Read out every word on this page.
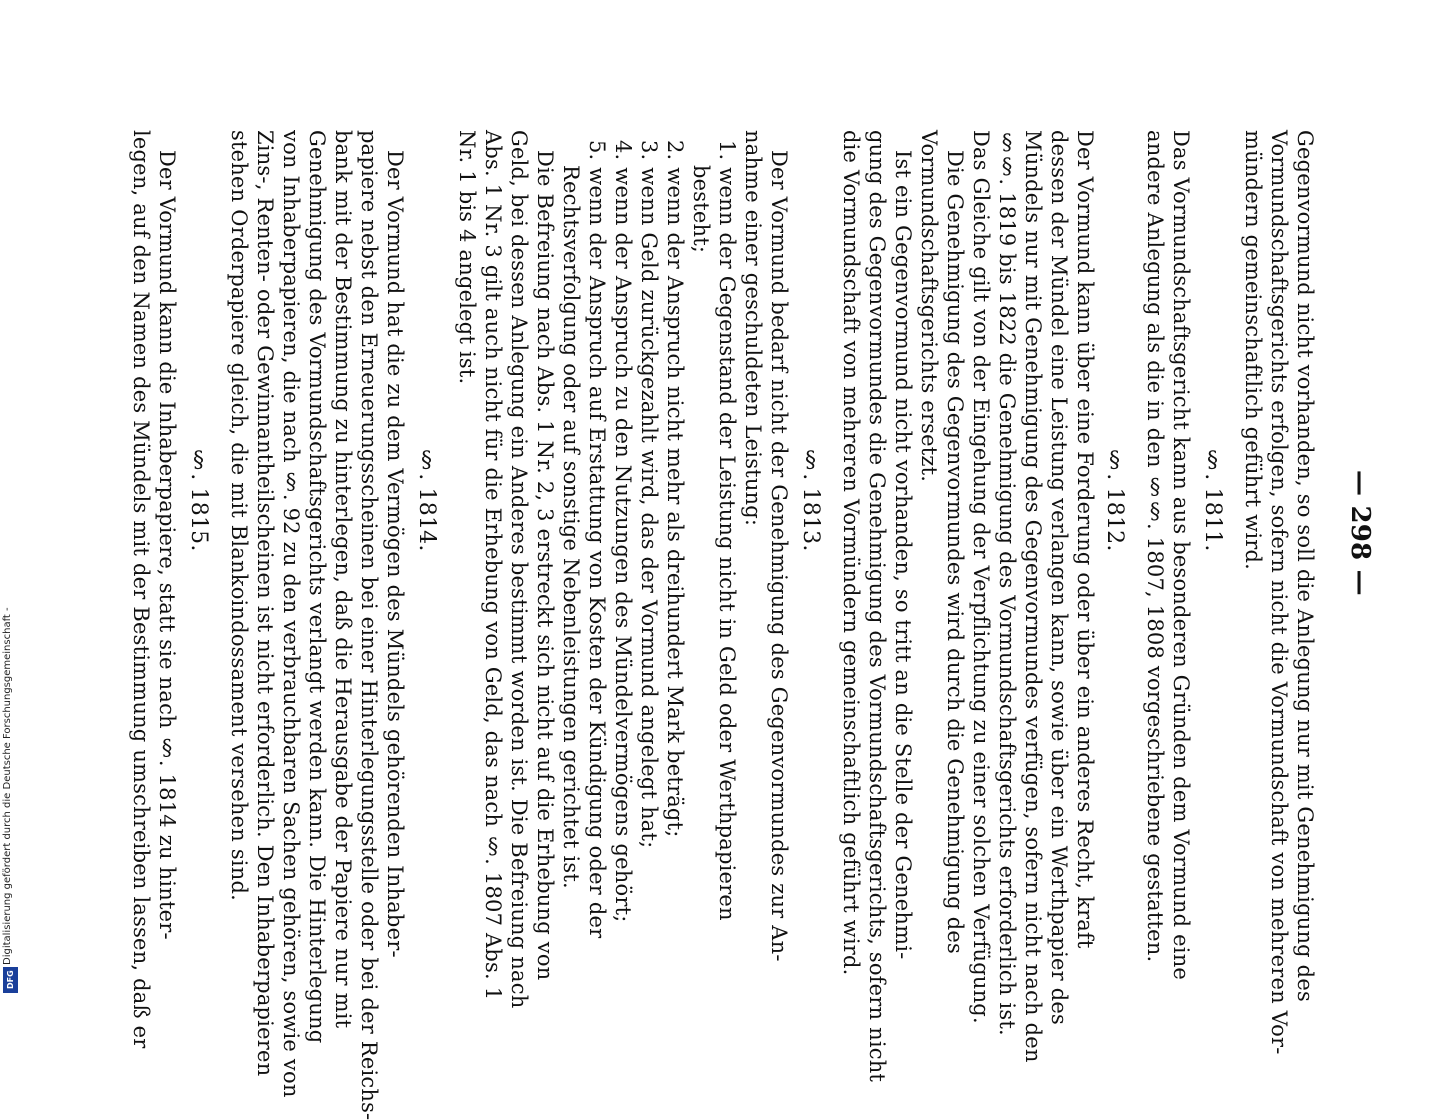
— 298 —
Gegenvormund nicht vorhanden, so soll die Anlegung nur mit Genehmigung des
Vormundschaftsgerichts erfolgen, sofern nicht die Vormundschaft von mehreren Vor-
mündern gemeinschaftlich geführt wird.
§. 1811.
Das Vormundschaftsgericht kann aus besonderen Gründen dem Vormund eine
andere Anlegung als die in den §§. 1807, 1808 vorgeschriebene gestatten.
§. 1812.
Der Vormund kann über eine Forderung oder über ein anderes Recht, kraft
dessen der Mündel eine Leistung verlangen kann, sowie über ein Werthpapier des
Mündels nur mit Genehmigung des Gegenvormundes verfügen, sofern nicht nach den
§§. 1819 bis 1822 die Genehmigung des Vormundschaftsgerichts erforderlich ist.
Das Gleiche gilt von der Eingehung der Verpflichtung zu einer solchen Verfügung.
Die Genehmigung des Gegenvormundes wird durch die Genehmigung des
Vormundschaftsgerichts ersetzt.
Ist ein Gegenvormund nicht vorhanden, so tritt an die Stelle der Genehmi-
gung des Gegenvormundes die Genehmigung des Vormundschaftsgerichts, sofern nicht
die Vormundschaft von mehreren Vormündern gemeinschaftlich geführt wird.
§. 1813.
Der Vormund bedarf nicht der Genehmigung des Gegenvormundes zur An-
nahme einer geschuldeten Leistung:
1. wenn der Gegenstand der Leistung nicht in Geld oder Werthpapieren
besteht;
2. wenn der Anspruch nicht mehr als dreihundert Mark beträgt;
3. wenn Geld zurückgezahlt wird, das der Vormund angelegt hat;
4. wenn der Anspruch zu den Nutzungen des Mündelvermögens gehört;
5. wenn der Anspruch auf Erstattung von Kosten der Kündigung oder der
Rechtsverfolgung oder auf sonstige Nebenleistungen gerichtet ist.
Die Befreiung nach Abs. 1 Nr. 2, 3 erstreckt sich nicht auf die Erhebung von
Geld, bei dessen Anlegung ein Anderes bestimmt worden ist. Die Befreiung nach
Abs. 1 Nr. 3 gilt auch nicht für die Erhebung von Geld, das nach §. 1807 Abs. 1
Nr. 1 bis 4 angelegt ist.
§. 1814.
Der Vormund hat die zu dem Vermögen des Mündels gehörenden Inhaber-
papiere nebst den Erneuerungsscheinen bei einer Hinterlegungsstelle oder bei der Reichs-
bank mit der Bestimmung zu hinterlegen, daß die Herausgabe der Papiere nur mit
Genehmigung des Vormundschaftsgerichts verlangt werden kann. Die Hinterlegung
von Inhaberpapieren, die nach §. 92 zu den verbrauchbaren Sachen gehören, sowie von
Zins-, Renten- oder Gewinnantheilscheinen ist nicht erforderlich. Den Inhaberpapieren
stehen Orderpapiere gleich, die mit Blankoindossament versehen sind.
§. 1815.
Der Vormund kann die Inhaberpapiere, statt sie nach §. 1814 zu hinter-
legen, auf den Namen des Mündels mit der Bestimmung umschreiben lassen, daß er
Digitalisierung gefördert durch die Deutsche Forschungsgemeinschaft -
DFG
